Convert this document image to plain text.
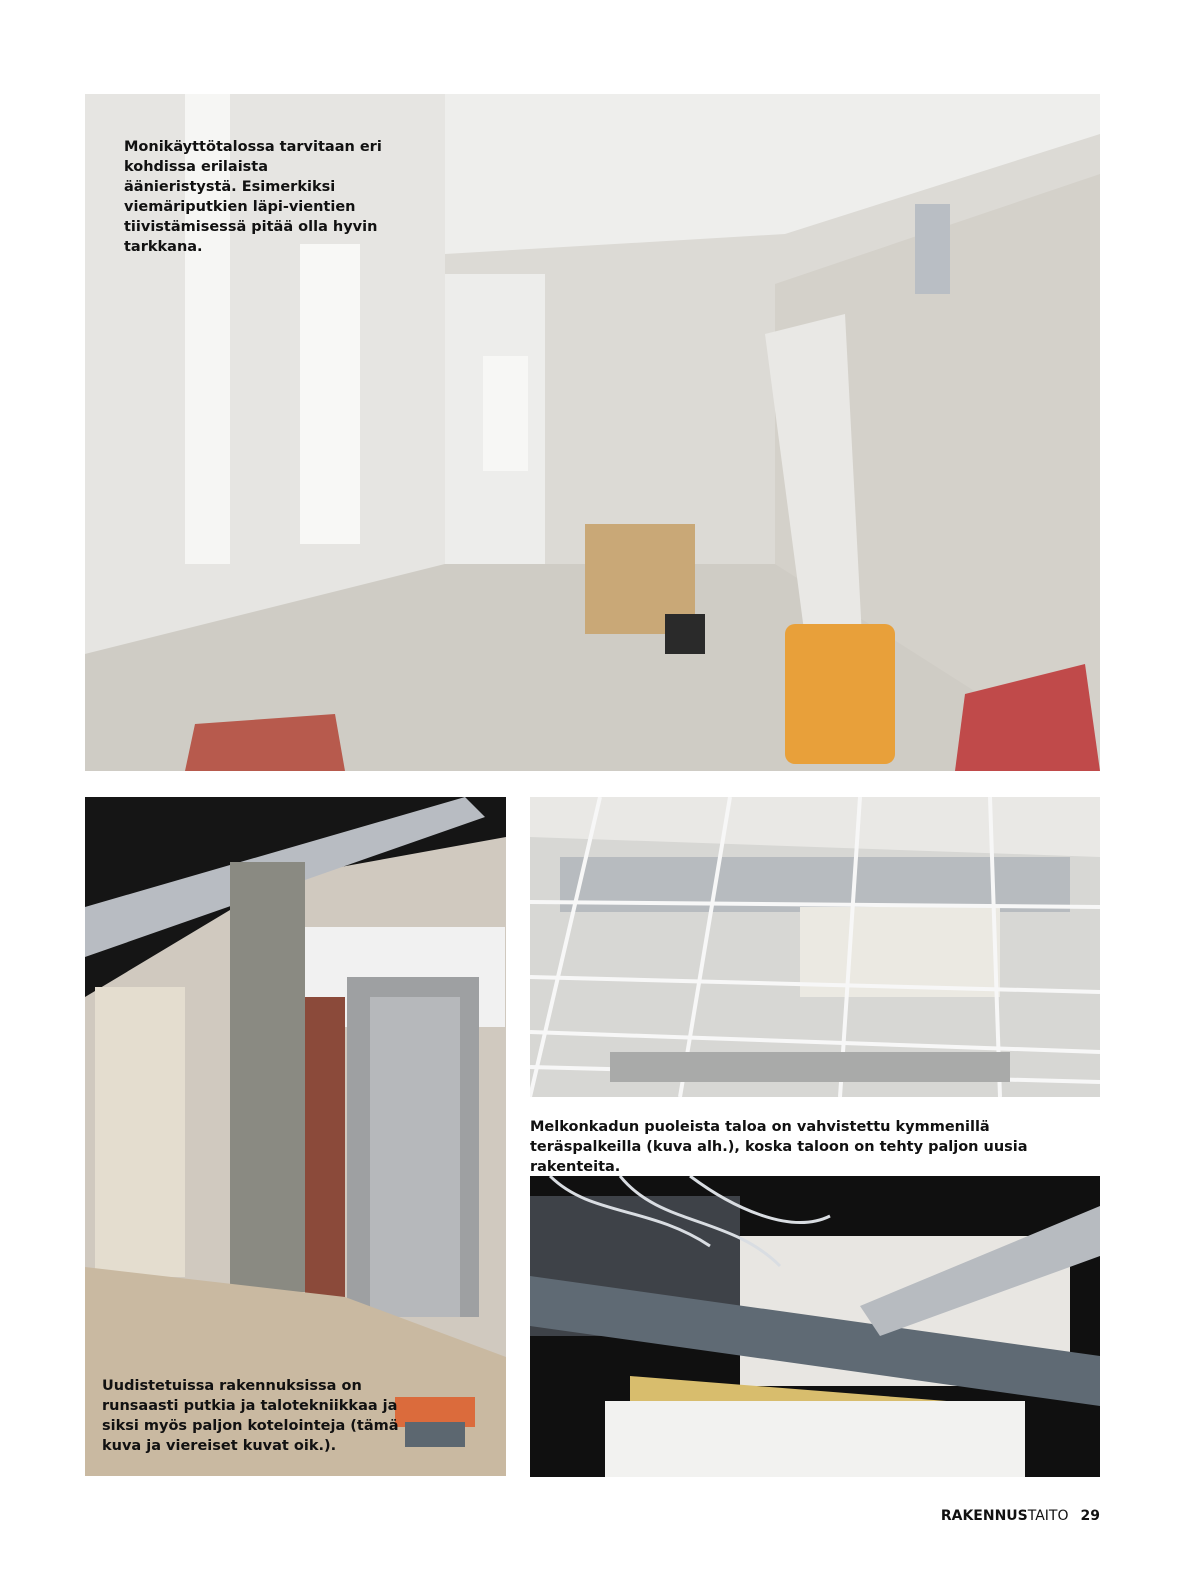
Monikäyttötalossa tarvitaan eri kohdissa erilaista äänieristystä. Esimerkiksi viemäriputkien läpi-vientien tiivistämisessä pitää olla hyvin tarkkana.

Uudistetuissa rakennuksissa on runsaasti putkia ja talotekniikkaa ja siksi myös paljon kotelointeja (tämä kuva ja viereiset kuvat oik.).

Melkonkadun puoleista taloa on vahvistettu kymmenillä teräspalkeilla (kuva alh.), koska taloon on tehty paljon uusia rakenteita.

RAKENNUSTAITO 29
